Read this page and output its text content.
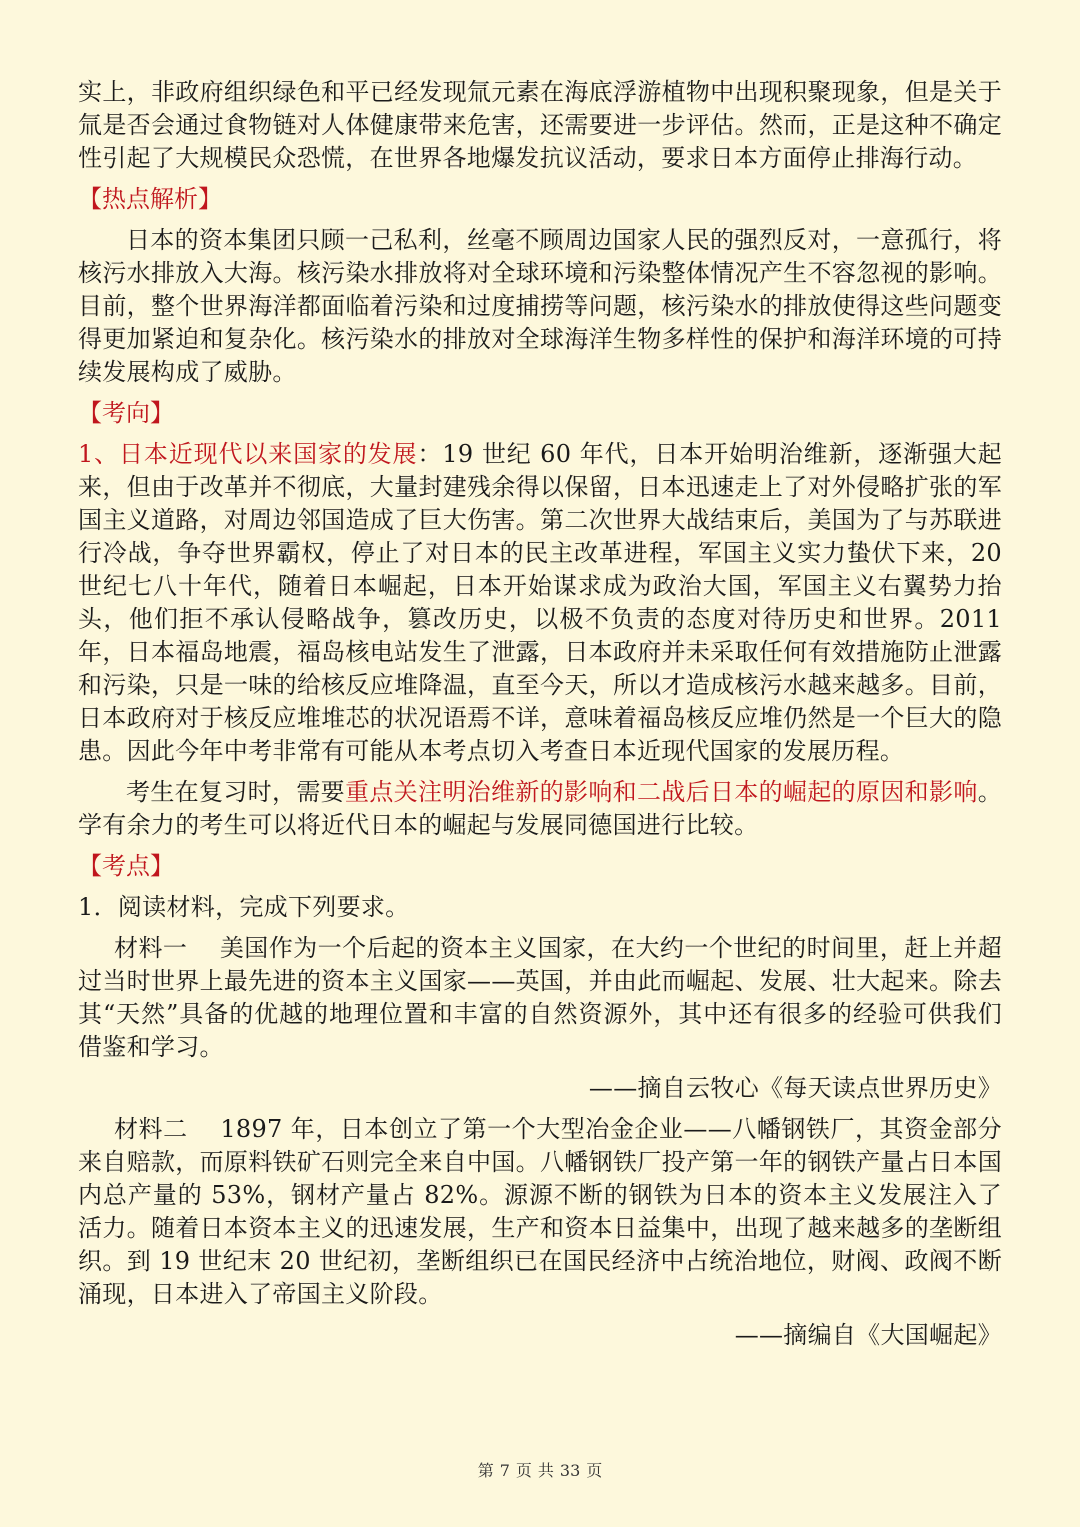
实上，非政府组织绿色和平已经发现氚元素在海底浮游植物中出现积聚现象，但是关于氚是否会通过食物链对人体健康带来危害，还需要进一步评估。然而，正是这种不确定性引起了大规模民众恐慌，在世界各地爆发抗议活动，要求日本方面停止排海行动。

【热点解析】

日本的资本集团只顾一己私利，丝毫不顾周边国家人民的强烈反对，一意孤行，将核污水排放入大海。核污染水排放将对全球环境和污染整体情况产生不容忽视的影响。目前，整个世界海洋都面临着污染和过度捕捞等问题，核污染水的排放使得这些问题变得更加紧迫和复杂化。核污染水的排放对全球海洋生物多样性的保护和海洋环境的可持续发展构成了威胁。

【考向】

1、日本近现代以来国家的发展：19 世纪 60 年代，日本开始明治维新，逐渐强大起来，但由于改革并不彻底，大量封建残余得以保留，日本迅速走上了对外侵略扩张的军国主义道路，对周边邻国造成了巨大伤害。第二次世界大战结束后，美国为了与苏联进行冷战，争夺世界霸权，停止了对日本的民主改革进程，军国主义实力蛰伏下来，20 世纪七八十年代，随着日本崛起，日本开始谋求成为政治大国，军国主义右翼势力抬头，他们拒不承认侵略战争，篡改历史，以极不负责的态度对待历史和世界。2011 年，日本福岛地震，福岛核电站发生了泄露，日本政府并未采取任何有效措施防止泄露和污染，只是一味的给核反应堆降温，直至今天，所以才造成核污水越来越多。目前，日本政府对于核反应堆堆芯的状况语焉不详，意味着福岛核反应堆仍然是一个巨大的隐患。因此今年中考非常有可能从本考点切入考查日本近现代国家的发展历程。

考生在复习时，需要重点关注明治维新的影响和二战后日本的崛起的原因和影响。学有余力的考生可以将近代日本的崛起与发展同德国进行比较。

【考点】

1．阅读材料，完成下列要求。

材料一　 美国作为一个后起的资本主义国家，在大约一个世纪的时间里，赶上并超过当时世界上最先进的资本主义国家——英国，并由此而崛起、发展、壮大起来。除去其“天然”具备的优越的地理位置和丰富的自然资源外，其中还有很多的经验可供我们借鉴和学习。

——摘自云牧心《每天读点世界历史》

材料二　 1897 年，日本创立了第一个大型冶金企业——八幡钢铁厂，其资金部分来自赔款，而原料铁矿石则完全来自中国。八幡钢铁厂投产第一年的钢铁产量占日本国内总产量的 53%，钢材产量占 82%。源源不断的钢铁为日本的资本主义发展注入了活力。随着日本资本主义的迅速发展，生产和资本日益集中，出现了越来越多的垄断组织。到 19 世纪末 20 世纪初，垄断组织已在国民经济中占统治地位，财阀、政阀不断涌现，日本进入了帝国主义阶段。

——摘编自《大国崛起》

第 7 页 共 33 页
